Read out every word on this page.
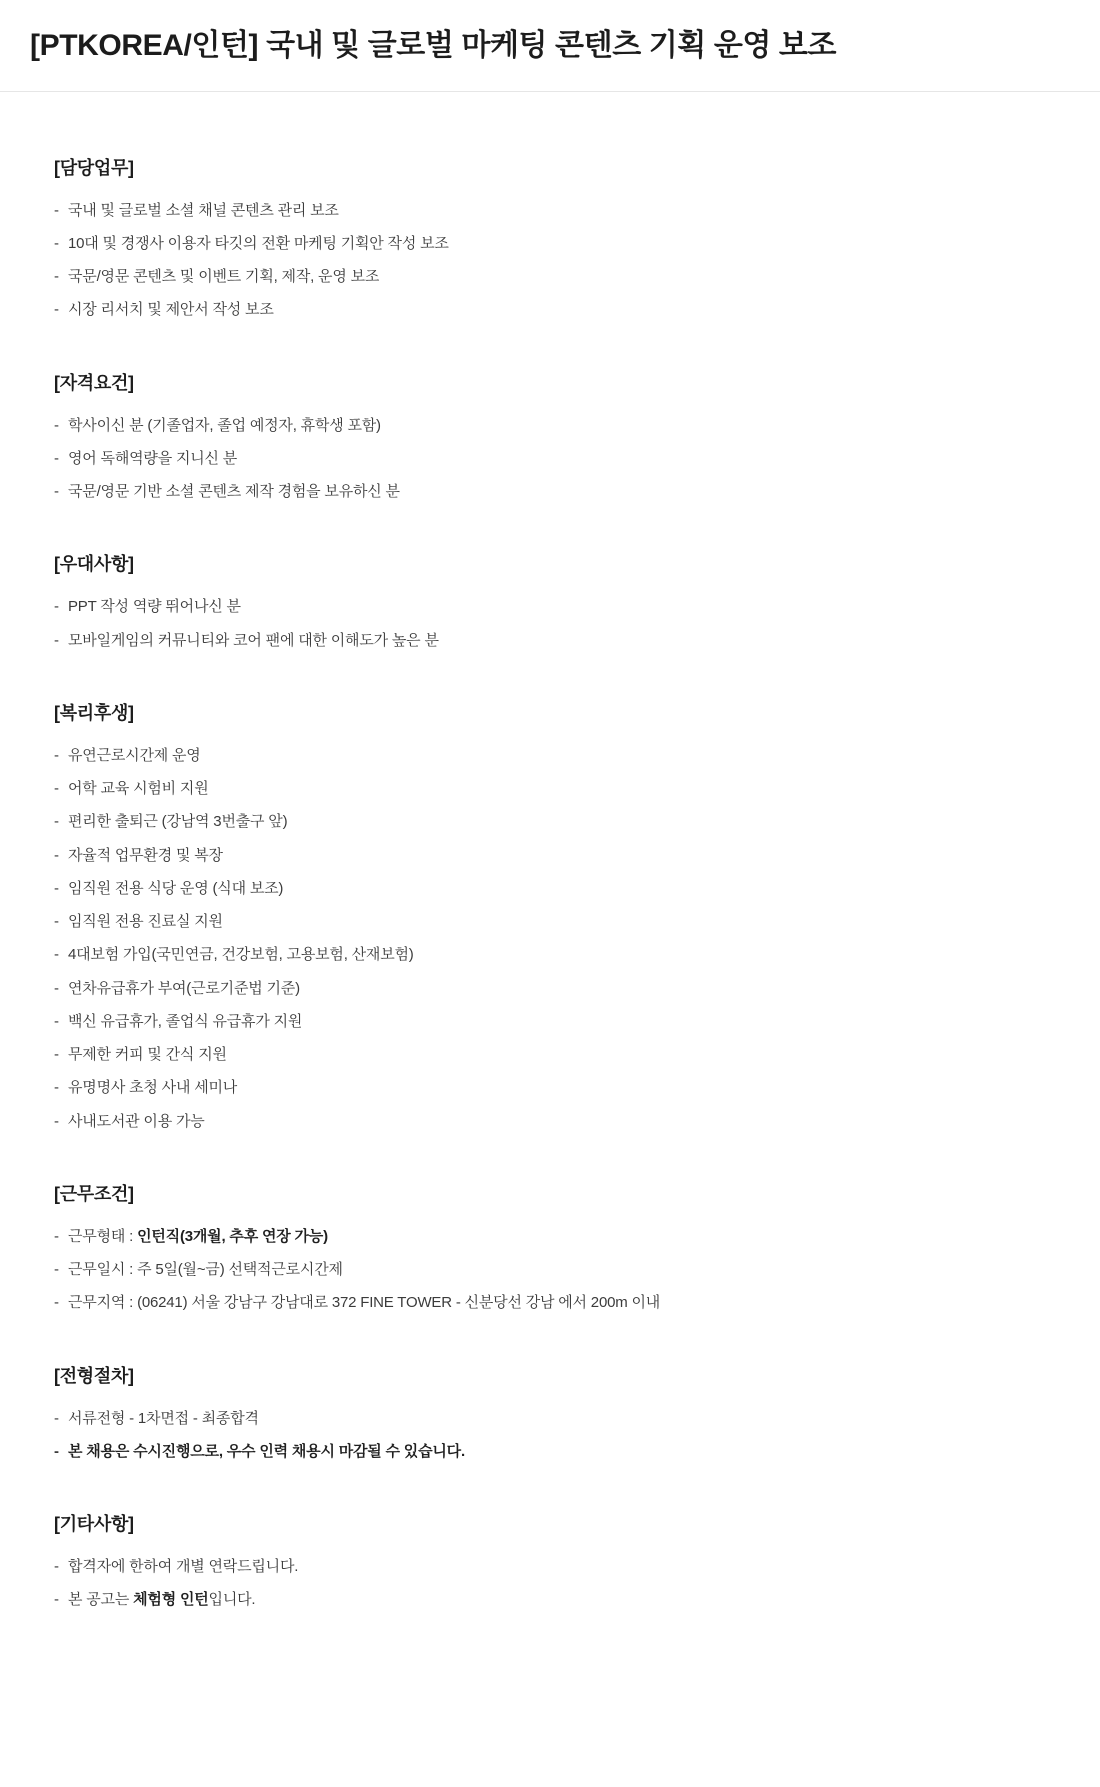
[PTKOREA/인턴] 국내 및 글로벌 마케팅 콘텐츠 기획 운영 보조
[담당업무]
- 국내 및 글로벌 소셜 채널 콘텐츠 관리 보조
- 10대 및 경쟁사 이용자 타깃의 전환 마케팅 기획안 작성 보조
- 국문/영문 콘텐츠 및 이벤트 기획, 제작, 운영 보조
- 시장 리서치 및 제안서 작성 보조
[자격요건]
- 학사이신 분 (기졸업자, 졸업 예정자, 휴학생 포함)
- 영어 독해역량을 지니신 분
- 국문/영문 기반 소셜 콘텐츠 제작 경험을 보유하신 분
[우대사항]
- PPT 작성 역량 뛰어나신 분
- 모바일게임의 커뮤니티와 코어 팬에 대한 이해도가 높은 분
[복리후생]
- 유연근로시간제 운영
- 어학 교육 시험비 지원
- 편리한 출퇴근 (강남역 3번출구 앞)
- 자율적 업무환경 및 복장
- 임직원 전용 식당 운영 (식대 보조)
- 임직원 전용 진료실 지원
- 4대보험 가입(국민연금, 건강보험, 고용보험, 산재보험)
- 연차유급휴가 부여(근로기준법 기준)
- 백신 유급휴가, 졸업식 유급휴가 지원
- 무제한 커피 및 간식 지원
- 유명명사 초청 사내 세미나
- 사내도서관 이용 가능
[근무조건]
- 근무형태 : 인턴직(3개월, 추후 연장 가능)
- 근무일시 : 주 5일(월~금) 선택적근로시간제
- 근무지역 : (06241) 서울 강남구 강남대로 372 FINE TOWER - 신분당선 강남 에서 200m 이내
[전형절차]
- 서류전형 - 1차면접 - 최종합격
- 본 채용은 수시진행으로, 우수 인력 채용시 마감될 수 있습니다.
[기타사항]
- 합격자에 한하여 개별 연락드립니다.
- 본 공고는 체험형 인턴입니다.
